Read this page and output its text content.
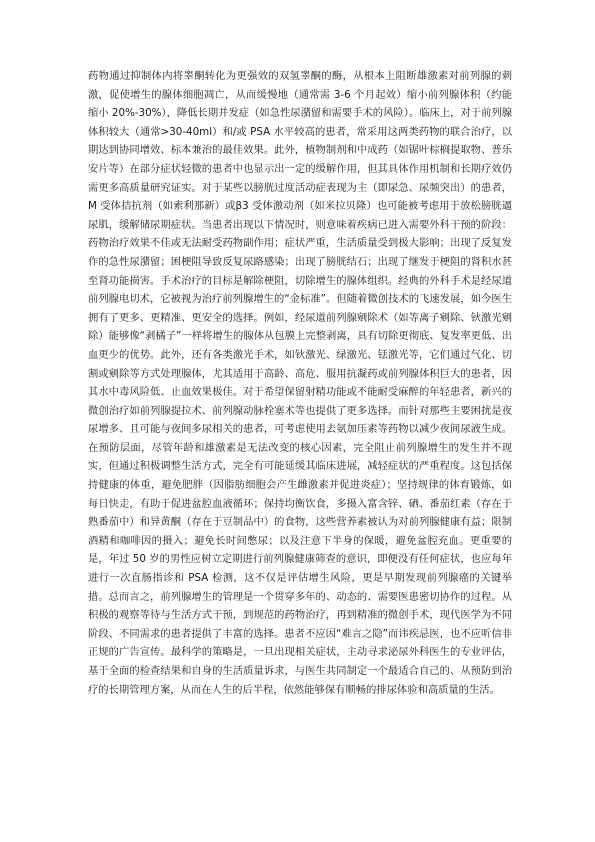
药物通过抑制体内将睾酮转化为更强效的双氢睾酮的酶，从根本上阻断雄激素对前列腺的刺激，促使增生的腺体细胞凋亡，从而缓慢地（通常需 3-6 个月起效）缩小前列腺体积（约能缩小 20%-30%），降低长期并发症（如急性尿潴留和需要手术的风险）。临床上，对于前列腺体积较大（通常>30-40ml）和/或 PSA 水平较高的患者，常采用这两类药物的联合治疗，以期达到协同增效、标本兼治的最佳效果。此外，植物制剂和中成药（如锯叶棕榈提取物、普乐安片等）在部分症状轻微的患者中也显示出一定的缓解作用，但其具体作用机制和长期疗效仍需更多高质量研究证实。对于某些以膀胱过度活动症表现为主（即尿急、尿频突出）的患者，M 受体拮抗剂（如索利那新）或β3 受体激动剂（如米拉贝隆）也可能被考虑用于放松膀胱逼尿肌，缓解储尿期症状。当患者出现以下情况时，则意味着疾病已进入需要外科干预的阶段：药物治疗效果不佳或无法耐受药物副作用；症状严重，生活质量受到极大影响；出现了反复发作的急性尿潴留；困梗阻导致反复尿路感染；出现了膀胱结石；出现了继发于梗阻的肾积水甚至肾功能损害。手术治疗的目标是解除梗阻，切除增生的腺体组织。经典的外科手术是经尿道前列腺电切术，它被视为治疗前列腺增生的“金标准”。但随着微创技术的飞速发展，如今医生拥有了更多、更精准、更安全的选择。例如，经尿道前列腺剜除术（如等离子剜除、钬激光剜除）能够像“剥橘子”一样将增生的腺体从包膜上完整剥离，具有切除更彻底、复发率更低、出血更少的优势。此外，还有各类激光手术，如钬激光、绿激光、铥激光等，它们通过气化、切割或剜除等方式处理腺体，尤其适用于高龄、高危、服用抗凝药或前列腺体积巨大的患者，因其水中毒风险低、止血效果极佳。对于希望保留射精功能或不能耐受麻醉的年轻患者，新兴的微创治疗如前列腺提拉术、前列腺动脉栓塞术等也提供了更多选择。而针对那些主要困扰是夜尿增多、且可能与夜间多尿相关的患者，可考虑使用去氨加压素等药物以减少夜间尿液生成。在预防层面，尽管年龄和雄激素是无法改变的核心因素，完全阻止前列腺增生的发生并不现实，但通过积极调整生活方式，完全有可能延缓其临床进展，减轻症状的严重程度。这包括保持健康的体重，避免肥胖（因脂肪细胞会产生雌激素并促进炎症）；坚持规律的体育锻炼，如每日快走，有助于促进盆腔血液循环；保持均衡饮食，多摄入富含锌、硒、番茄红素（存在于熟番茄中）和异黄酮（存在于豆制品中）的食物，这些营养素被认为对前列腺健康有益；限制酒精和咖啡因的摄入；避免长时间憋尿；以及注意下半身的保暖，避免盆腔充血。更重要的是，年过 50 岁的男性应树立定期进行前列腺健康筛查的意识，即便没有任何症状，也应每年进行一次直肠指诊和 PSA 检测，这不仅是评估增生风险，更是早期发现前列腺癌的关键举措。总而言之，前列腺增生的管理是一个贯穿多年的、动态的、需要医患密切协作的过程。从积极的观察等待与生活方式干预，到规范的药物治疗，再到精准的微创手术，现代医学为不同阶段、不同需求的患者提供了丰富的选择。患者不应因“难言之隐”而讳疾忌医，也不应听信非正规的广告宣传。最科学的策略是，一旦出现相关症状，主动寻求泌尿外科医生的专业评估，基于全面的检查结果和自身的生活质量诉求，与医生共同制定一个最适合自己的、从预防到治疗的长期管理方案，从而在人生的后半程，依然能够保有顺畅的排尿体验和高质量的生活。
